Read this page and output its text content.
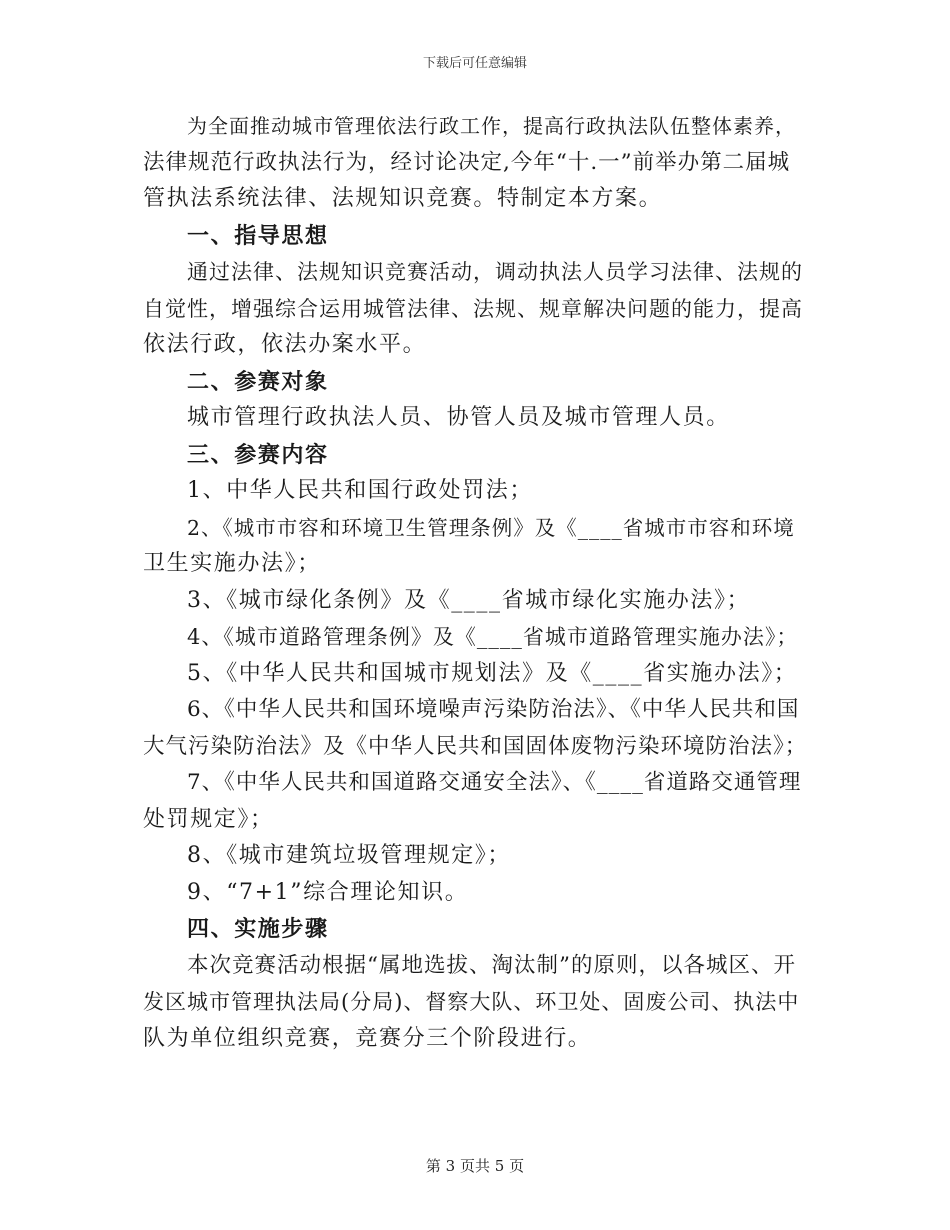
下载后可任意编辑
为全面推动城市管理依法行政工作，提高行政执法队伍整体素养，
法律规范行政执法行为，经讨论决定,今年“十.一”前举办第二届城
管执法系统法律、法规知识竞赛。特制定本方案。
一、指导思想
通过法律、法规知识竞赛活动，调动执法人员学习法律、法规的
自觉性，增强综合运用城管法律、法规、规章解决问题的能力，提高
依法行政，依法办案水平。
二、参赛对象
城市管理行政执法人员、协管人员及城市管理人员。
三、参赛内容
1、中华人民共和国行政处罚法；
2、《城市市容和环境卫生管理条例》及《____省城市市容和环境
卫生实施办法》；
3、《城市绿化条例》及《____省城市绿化实施办法》；
4、《城市道路管理条例》及《____省城市道路管理实施办法》；
5、《中华人民共和国城市规划法》及《____省实施办法》；
6、《中华人民共和国环境噪声污染防治法》、《中华人民共和国
大气污染防治法》及《中华人民共和国固体废物污染环境防治法》；
7、《中华人民共和国道路交通安全法》、《____省道路交通管理
处罚规定》；
8、《城市建筑垃圾管理规定》；
9、“7+1”综合理论知识。
四、实施步骤
本次竞赛活动根据“属地选拔、淘汰制”的原则，以各城区、开
发区城市管理执法局(分局)、督察大队、环卫处、固废公司、执法中
队为单位组织竞赛，竞赛分三个阶段进行。
第 3 页共 5 页
